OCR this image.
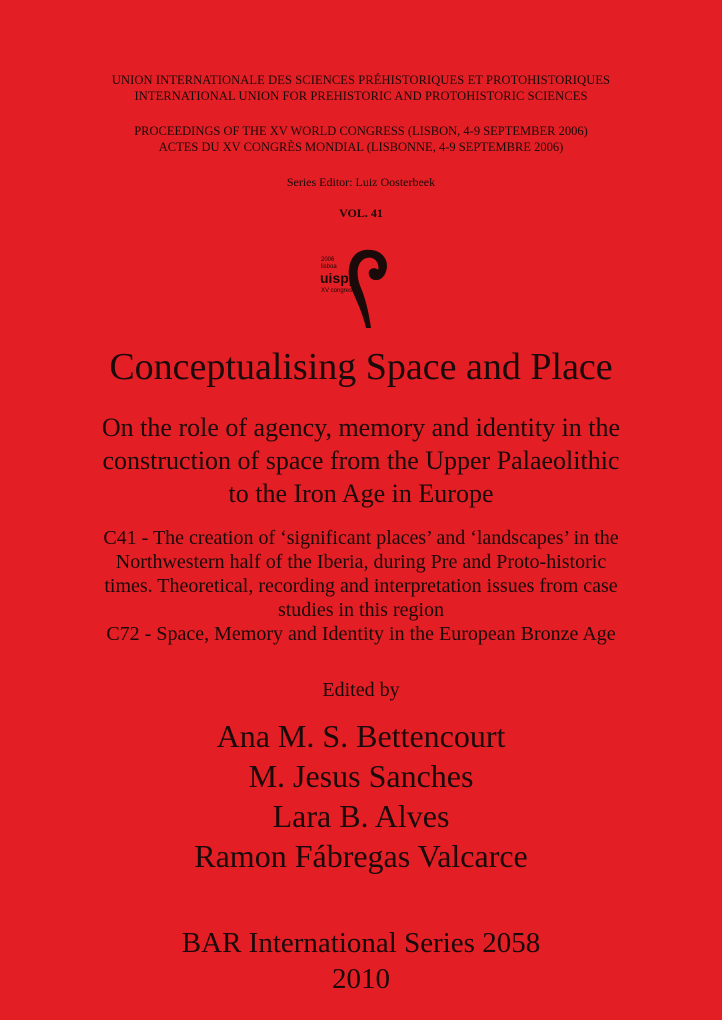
UNION INTERNATIONALE DES SCIENCES PRÉHISTORIQUES ET PROTOHISTORIQUES
INTERNATIONAL UNION FOR PREHISTORIC AND PROTOHISTORIC SCIENCES
PROCEEDINGS OF THE XV WORLD CONGRESS (LISBON, 4-9 SEPTEMBER 2006)
ACTES DU XV CONGRÈS MONDIAL (LISBONNE, 4-9 SEPTEMBRE 2006)
Series Editor: Luiz Oosterbeek
VOL. 41
2006
lisboa
uispp
XV congresso
Conceptualising Space and Place
On the role of agency, memory and identity in the
construction of space from the Upper Palaeolithic
to the Iron Age in Europe
C41 - The creation of ‘significant places’ and ‘landscapes’ in the
Northwestern half of the Iberia, during Pre and Proto-historic
times. Theoretical, recording and interpretation issues from case
studies in this region
C72 - Space, Memory and Identity in the European Bronze Age
Edited by
Ana M. S. Bettencourt
M. Jesus Sanches
Lara B. Alves
Ramon Fábregas Valcarce
BAR International Series 2058
2010
